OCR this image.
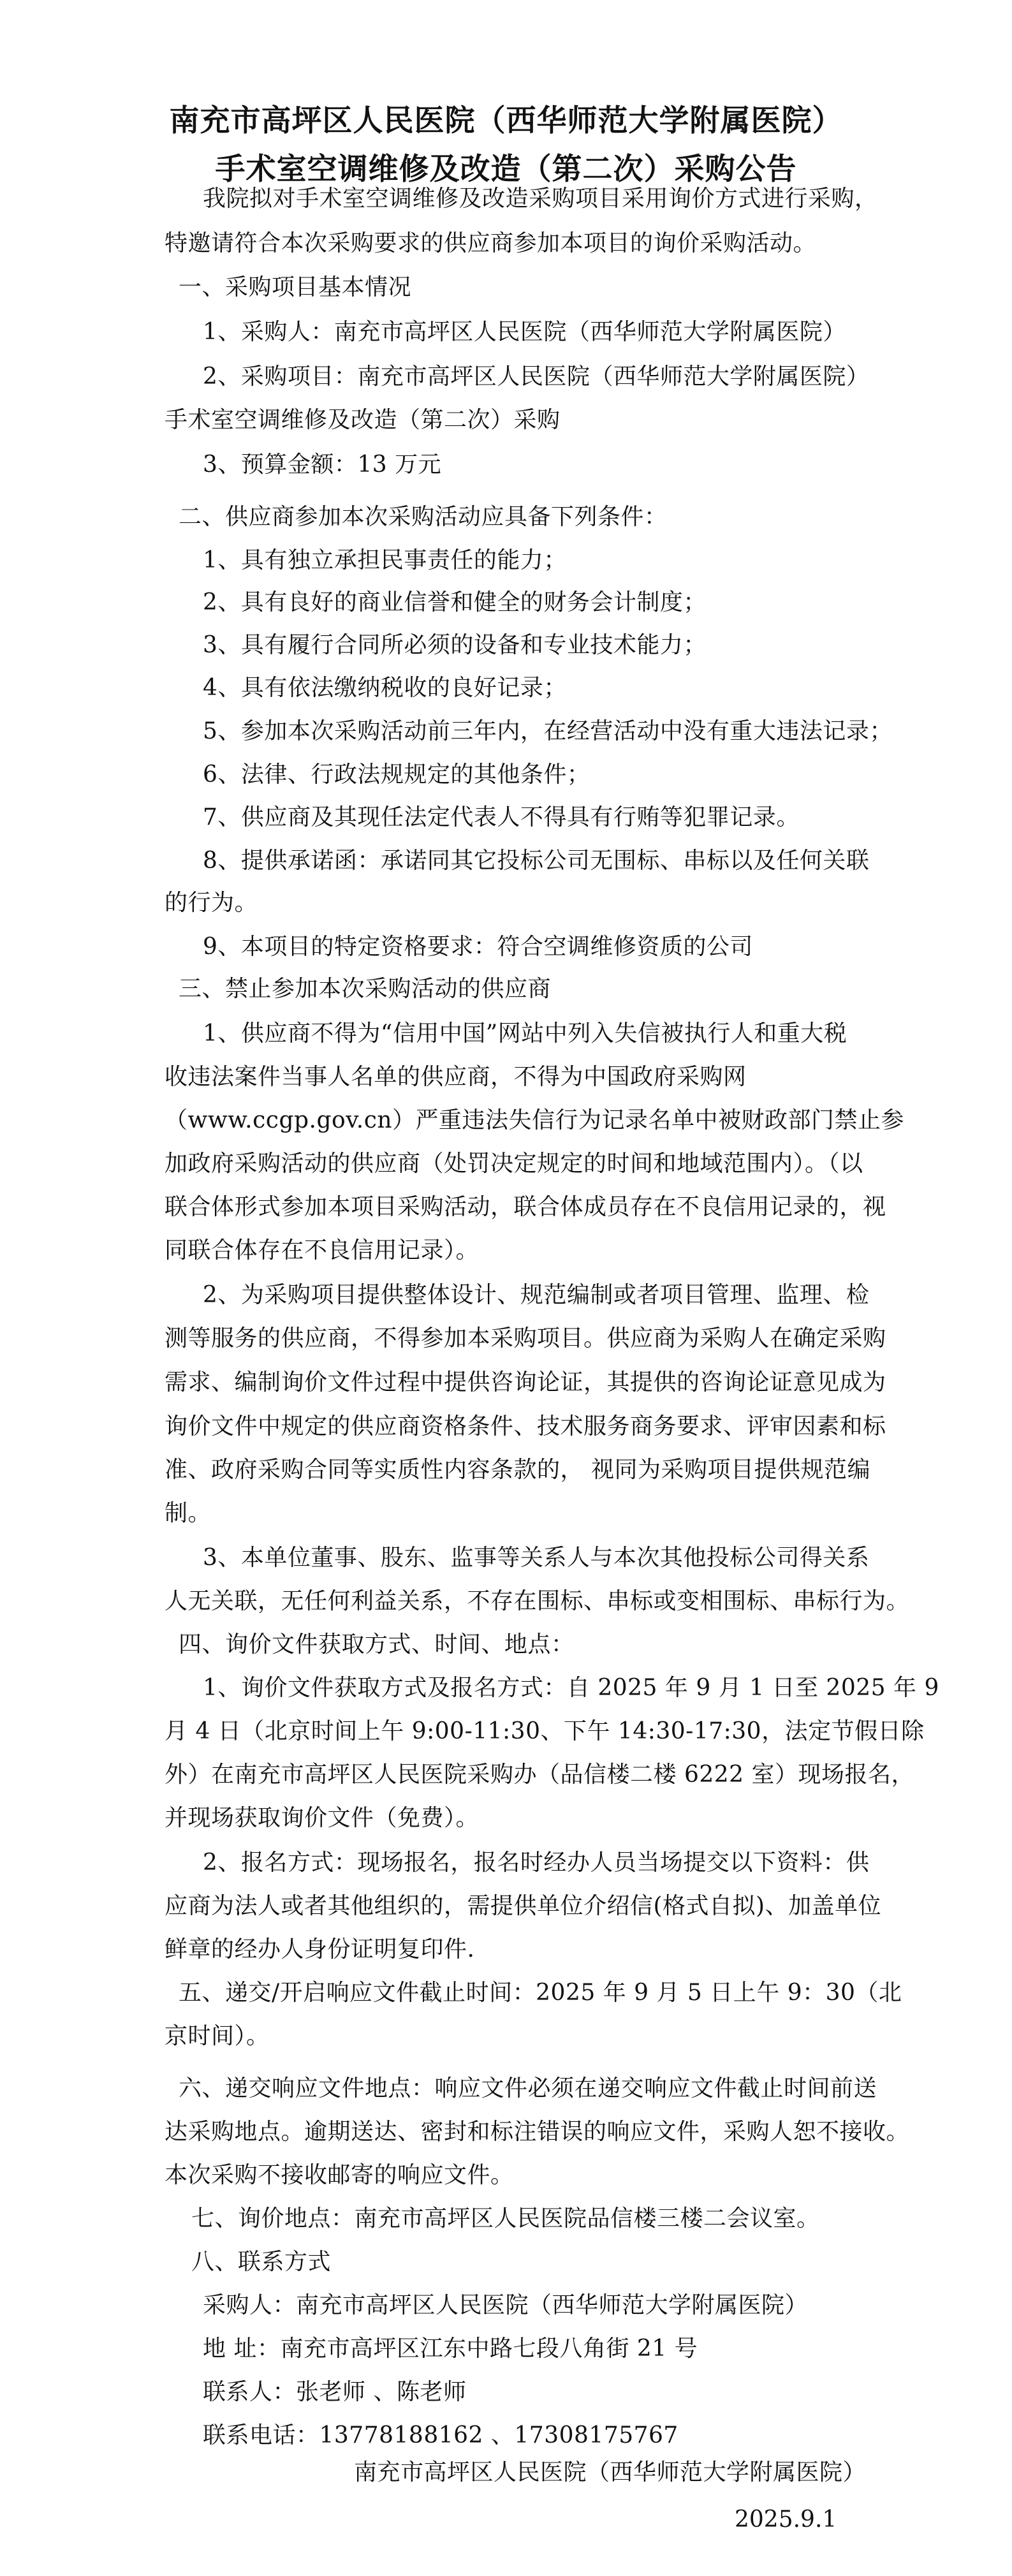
南充市高坪区人民医院（西华师范大学附属医院）
手术室空调维修及改造（第二次）采购公告
我院拟对手术室空调维修及改造采购项目采用询价方式进行采购，
特邀请符合本次采购要求的供应商参加本项目的询价采购活动。
一、采购项目基本情况
1、采购人：南充市高坪区人民医院（西华师范大学附属医院）
2、采购项目：南充市高坪区人民医院（西华师范大学附属医院）
手术室空调维修及改造（第二次）采购
3、预算金额：13 万元
二、供应商参加本次采购活动应具备下列条件：
1、具有独立承担民事责任的能力；
2、具有良好的商业信誉和健全的财务会计制度；
3、具有履行合同所必须的设备和专业技术能力；
4、具有依法缴纳税收的良好记录；
5、参加本次采购活动前三年内，在经营活动中没有重大违法记录；
6、法律、行政法规规定的其他条件；
7、供应商及其现任法定代表人不得具有行贿等犯罪记录。
8、提供承诺函：承诺同其它投标公司无围标、串标以及任何关联
的行为。
9、本项目的特定资格要求：符合空调维修资质的公司
三、禁止参加本次采购活动的供应商
1、供应商不得为“信用中国”网站中列入失信被执行人和重大税
收违法案件当事人名单的供应商，不得为中国政府采购网
（www.ccgp.gov.cn）严重违法失信行为记录名单中被财政部门禁止参
加政府采购活动的供应商（处罚决定规定的时间和地域范围内）。（以
联合体形式参加本项目采购活动，联合体成员存在不良信用记录的，视
同联合体存在不良信用记录）。
2、为采购项目提供整体设计、规范编制或者项目管理、监理、检
测等服务的供应商，不得参加本采购项目。供应商为采购人在确定采购
需求、编制询价文件过程中提供咨询论证，其提供的咨询论证意见成为
询价文件中规定的供应商资格条件、技术服务商务要求、评审因素和标
准、政府采购合同等实质性内容条款的， 视同为采购项目提供规范编
制。
3、本单位董事、股东、监事等关系人与本次其他投标公司得关系
人无关联，无任何利益关系，不存在围标、串标或变相围标、串标行为。
四、询价文件获取方式、时间、地点：
1、询价文件获取方式及报名方式：自 2025 年 9 月 1 日至 2025 年 9
月 4 日（北京时间上午 9:00-11:30、下午 14:30-17:30，法定节假日除
外）在南充市高坪区人民医院采购办（品信楼二楼 6222 室）现场报名，
并现场获取询价文件（免费）。
2、报名方式：现场报名，报名时经办人员当场提交以下资料：供
应商为法人或者其他组织的，需提供单位介绍信(格式自拟)、加盖单位
鲜章的经办人身份证明复印件.
五、递交/开启响应文件截止时间：2025 年 9 月 5 日上午 9：30（北
京时间）。
六、递交响应文件地点：响应文件必须在递交响应文件截止时间前送
达采购地点。逾期送达、密封和标注错误的响应文件，采购人恕不接收。
本次采购不接收邮寄的响应文件。
七、询价地点：南充市高坪区人民医院品信楼三楼二会议室。
八、联系方式
采购人：南充市高坪区人民医院（西华师范大学附属医院）
地 址：南充市高坪区江东中路七段八角街 21 号
联系人：张老师 、陈老师
联系电话：13778188162 、17308175767
南充市高坪区人民医院（西华师范大学附属医院）
2025.9.1
